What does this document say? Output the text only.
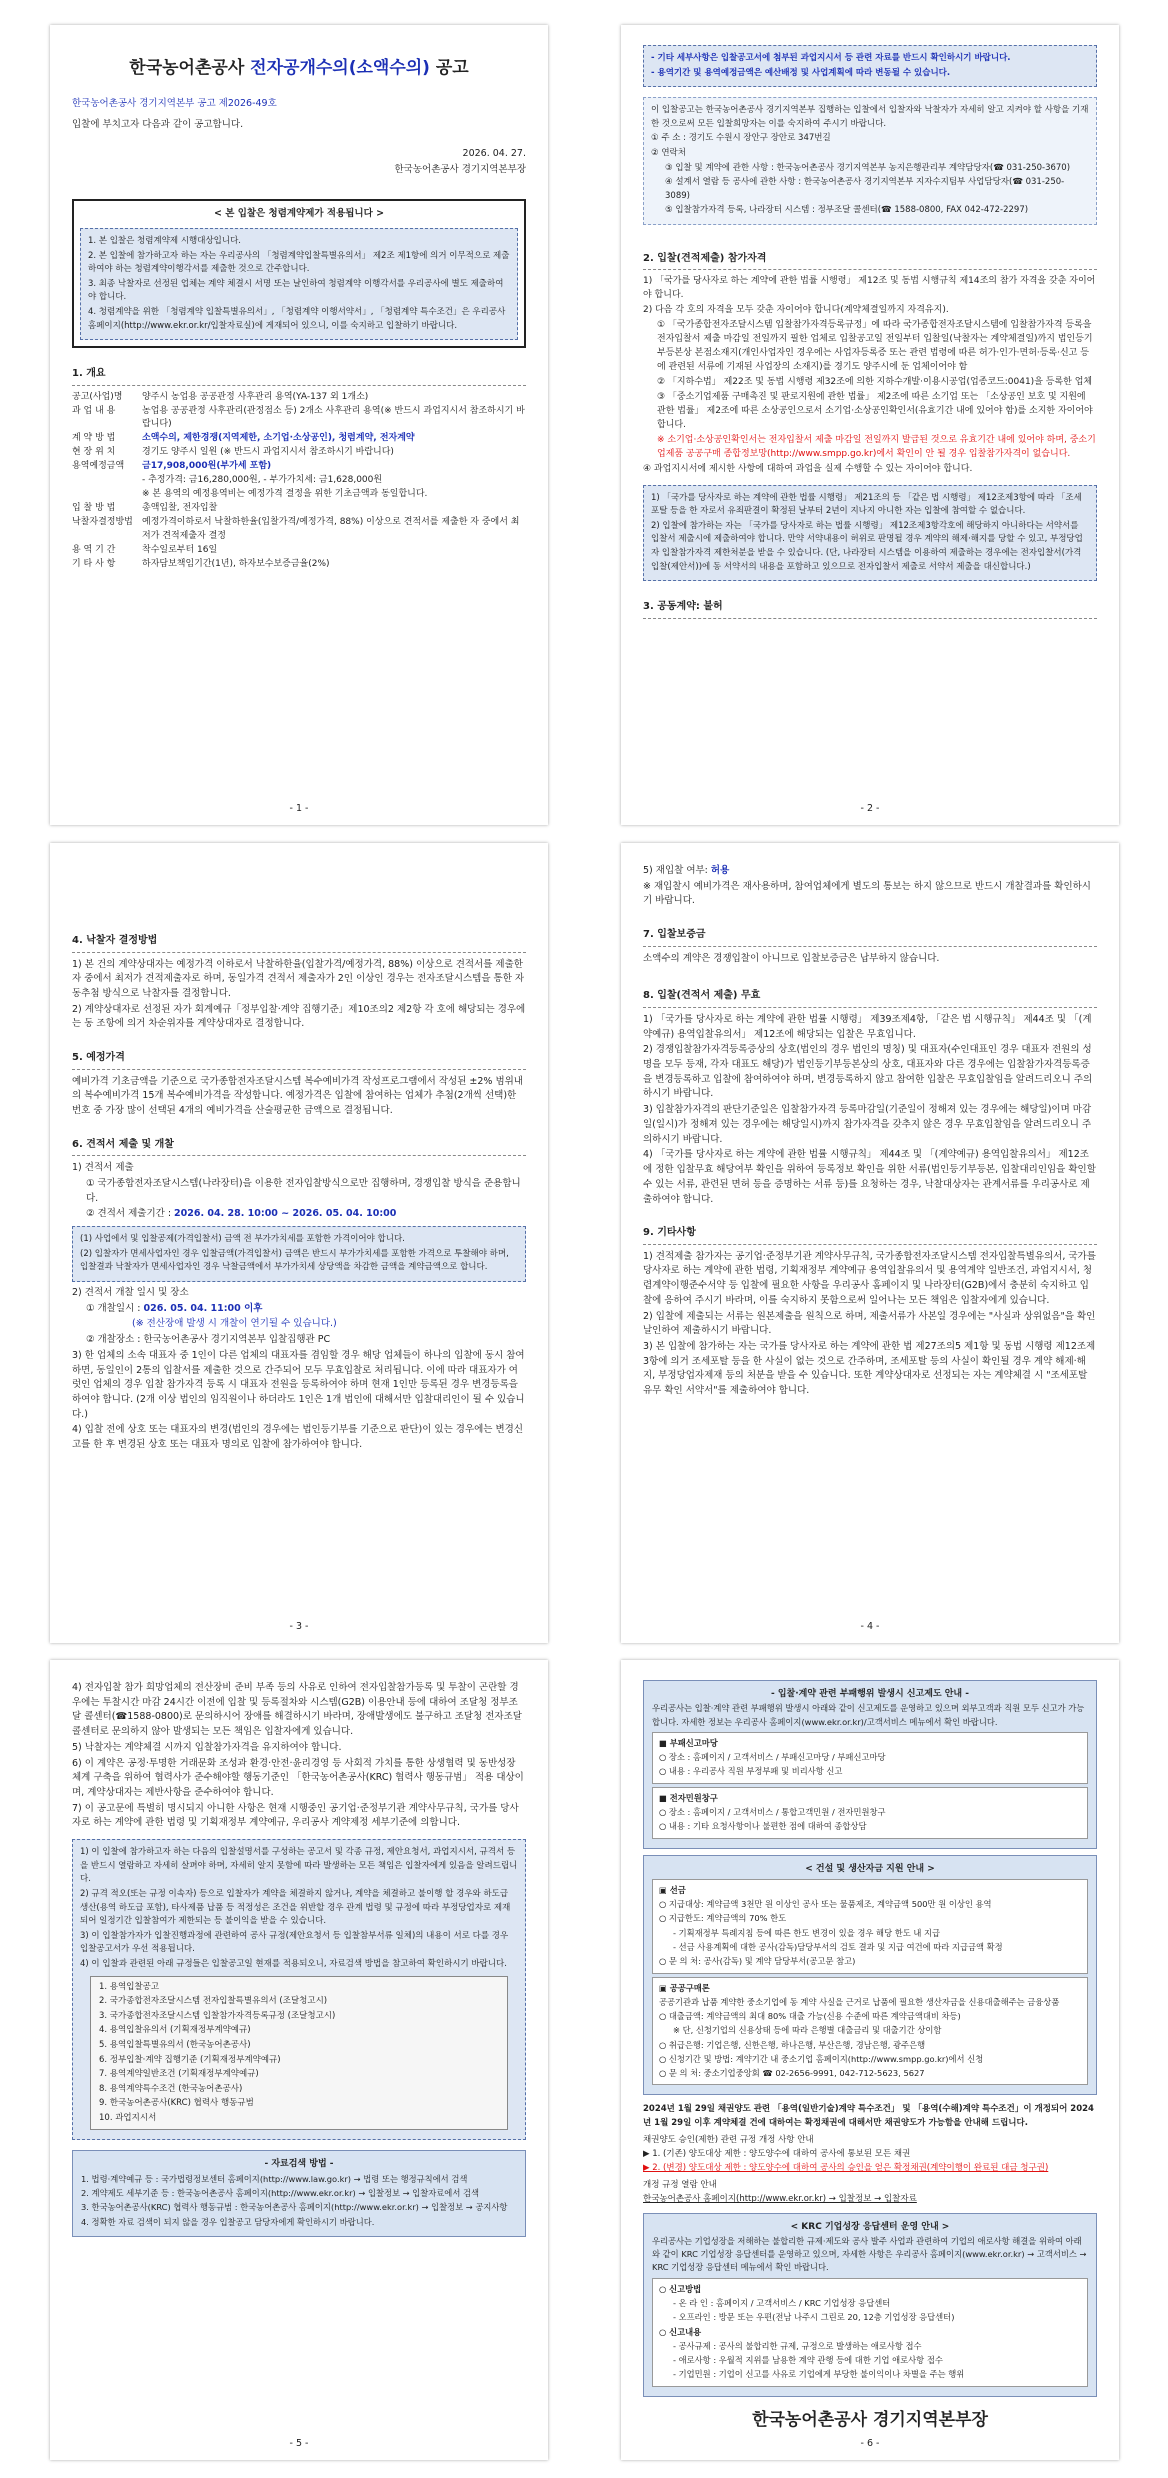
한국농어촌공사 전자공개수의(소액수의) 공고

한국농어촌공사 경기지역본부 공고 제2026-49호

입찰에 부치고자 다음과 같이 공고합니다.

2026. 04. 27.

한국농어촌공사 경기지역본부장

< 본 입찰은 청렴계약제가 적용됩니다 >

1. 본 입찰은 청렴계약제 시행대상입니다.

2. 본 입찰에 참가하고자 하는 자는 우리공사의 「청렴계약입찰특별유의서」 제2조 제1항에 의거 이무적으로 제출하여야 하는 청렴계약이행각서를 제출한 것으로 간주합니다.

3. 최종 낙찰자로 선정된 업체는 계약 체결시 서명 또는 날인하여 청렴계약 이행각서를 우리공사에 별도 제출하여야 합니다.

4. 청렴계약을 위한 「청렴계약 입찰특별유의서」, 「청렴계약 이행서약서」, 「청렴계약 특수조건」은 우리공사 홈페이지(http://www.ekr.or.kr/입찰자료실)에 게재되어 있으니, 이를 숙지하고 입찰하기 바랍니다.

1. 개요
공고(사업)명	양주시 농업용 공공관정 사후관리 용역(YA-137 외 1개소)
과 업 내 용	농업용 공공관정 사후관리(관정점소 등) 2개소 사후관리 용역(※ 반드시 과업지시서 참조하시기 바랍니다)
계 약 방 법	소액수의, 제한경쟁(지역제한, 소기업·소상공인), 청렴계약, 전자계약
현 장 위 치	경기도 양주시 일원 (※ 반드시 과업지시서 참조하시기 바랍니다)
용역예정금액	금17,908,000원(부가세 포함)
- 추정가격: 금16,280,000원, - 부가가치세: 금1,628,000원
※ 본 용역의 예정용역비는 예정가격 결정을 위한 기초금액과 동일합니다.
입 찰 방 법	총액입찰, 전자입찰
낙찰자결정방법	예정가격이하로서 낙찰하한율(입찰가격/예정가격, 88%) 이상으로 견적서를 제출한 자 중에서 최저가 견적제출자 결정
용 역 기 간	착수일로부터 16일
기 타 사 항	하자담보책임기간(1년), 하자보수보증금율(2%)
- 1 -

- 기타 세부사항은 입찰공고서에 첨부된 과업지시서 등 관련 자료를 반드시 확인하시기 바랍니다.

- 용역기간 및 용역예정금액은 예산배정 및 사업계획에 따라 변동될 수 있습니다.

이 입찰공고는 한국농어촌공사 경기지역본부 집행하는 입찰에서 입찰자와 낙찰자가 자세히 알고 지켜야 할 사항을 기재한 것으로써 모든 입찰희망자는 이를 숙지하여 주시기 바랍니다.

① 주 소 : 경기도 수원시 장안구 장안로 347번길

② 연락처

③ 입찰 및 계약에 관한 사항 : 한국농어촌공사 경기지역본부 농지은행관리부 계약담당자(☎ 031-250-3670)

④ 설계서 열람 등 공사에 관한 사항 : 한국농어촌공사 경기지역본부 지자수지팀부 사업담당자(☎ 031-250-3089)

⑤ 입찰참가자격 등록, 나라장터 시스템 : 정부조달 콜센터(☎ 1588-0800, FAX 042-472-2297)

2. 입찰(견적제출) 참가자격

1) 「국가를 당사자로 하는 계약에 관한 법률 시행령」 제12조 및 동법 시행규칙 제14조의 참가 자격을 갖춘 자이어야 합니다.

2) 다음 각 호의 자격을 모두 갖춘 자이어야 합니다(계약체결일까지 자격유지).

① 「국가종합전자조달시스템 입찰참가자격등록규정」에 따라 국가종합전자조달시스템에 입찰참가자격 등록을 전자입찰서 제출 마감일 전일까지 필한 업체로 입찰공고일 전일부터 입찰일(낙찰자는 계약체결일)까지 법인등기부등본상 본점소재지(개인사업자인 경우에는 사업자등록증 또는 관련 법령에 따른 허가·인가·면허·등록·신고 등에 관련된 서류에 기재된 사업장의 소재지)를 경기도 양주시에 둔 업체이어야 함

② 「지하수법」 제22조 및 동법 시행령 제32조에 의한 지하수개발·이용시공업(업종코드:0041)을 등록한 업체

③ 「중소기업제품 구매촉진 및 판로지원에 관한 법률」 제2조에 따른 소기업 또는 「소상공인 보호 및 지원에 관한 법률」 제2조에 따른 소상공인으로서 소기업·소상공인확인서(유효기간 내에 있어야 함)를 소지한 자이어야 합니다.

※ 소기업·소상공인확인서는 전자입찰서 제출 마감일 전일까지 발급된 것으로 유효기간 내에 있어야 하며, 중소기업제품 공공구매 종합정보망(http://www.smpp.go.kr)에서 확인이 안 될 경우 입찰참가자격이 없습니다.

④ 과업지시서에 제시한 사항에 대하여 과업을 실제 수행할 수 있는 자이어야 합니다.

1) 「국가를 당사자로 하는 계약에 관한 법률 시행령」 제21조의 등 「같은 법 시행령」 제12조제3항에 따라 「조세포탈 등을 한 자로서 유죄판결이 확정된 날부터 2년이 지나지 아니한 자는 입찰에 참여할 수 없습니다.

2) 입찰에 참가하는 자는 「국가를 당사자로 하는 법률 시행령」 제12조제3항각호에 해당하지 아니하다는 서약서를 입찰서 제출시에 제출하여야 합니다. 만약 서약내용이 허위로 판명될 경우 계약의 해제·해지를 당할 수 있고, 부정당업자 입찰참가자격 제한처분을 받을 수 있습니다. (단, 나라장터 시스템을 이용하여 제출하는 경우에는 전자입찰서(가격입찰(제안서))에 동 서약서의 내용을 포함하고 있으므로 전자입찰서 제출로 서약서 제출을 대신합니다.)

3. 공동계약: 불허
- 2 -
4. 낙찰자 결정방법

1) 본 건의 계약상대자는 예정가격 이하로서 낙찰하한율(입찰가격/예정가격, 88%) 이상으로 견적서를 제출한 자 중에서 최저가 견적제출자로 하며, 동일가격 견적서 제출자가 2인 이상인 경우는 전자조달시스템을 통한 자동추첨 방식으로 낙찰자를 결정합니다.

2) 계약상대자로 선정된 자가 회계예규「정부입찰·계약 집행기준」제10조의2 제2항 각 호에 해당되는 경우에는 동 조항에 의거 차순위자를 계약상대자로 결정합니다.

5. 예정가격

예비가격 기초금액을 기준으로 국가종합전자조달시스템 복수예비가격 작성프로그램에서 작성된 ±2% 범위내의 복수예비가격 15개 복수예비가격을 작성합니다. 예정가격은 입찰에 참여하는 업체가 추첨(2개씩 선택)한 번호 중 가장 많이 선택된 4개의 예비가격을 산술평균한 금액으로 결정됩니다.

6. 견적서 제출 및 개찰

1) 견적서 제출

① 국가종합전자조달시스템(나라장터)을 이용한 전자입찰방식으로만 집행하며, 경쟁입찰 방식을 준용합니다.

② 견적서 제출기간 : 2026. 04. 28. 10:00 ~ 2026. 05. 04. 10:00

(1) 사업에서 및 입찰공제(가격입찰서) 금액 전 부가가치세를 포함한 가격이어야 합니다.

(2) 입찰자가 면세사업자인 경우 입찰금액(가격입찰서) 금액은 반드시 부가가치세를 포함한 가격으로 투찰해야 하며, 입찰결과 낙찰자가 면세사업자인 경우 낙찰금액에서 부가가치세 상당액을 차감한 금액을 계약금액으로 합니다.

2) 견적서 개찰 일시 및 장소

① 개찰일시 : 026. 05. 04. 11:00 이후

(※ 전산장애 발생 시 개찰이 연기될 수 있습니다.)

② 개찰장소 : 한국농어촌공사 경기지역본부 입찰집행관 PC

3) 한 업체의 소속 대표자 중 1인이 다른 업체의 대표자를 겸임할 경우 해당 업체들이 하나의 입찰에 동시 참여하면, 동일인이 2통의 입찰서를 제출한 것으로 간주되어 모두 무효입찰로 처리됩니다. 이에 따라 대표자가 여럿인 업체의 경우 입찰 참가자격 등록 시 대표자 전원을 등록하여야 하며 현재 1인만 등록된 경우 변경등록을 하여야 합니다. (2개 이상 법인의 임직원이나 하더라도 1인은 1개 법인에 대해서만 입찰대리인이 될 수 있습니다.)

4) 입찰 전에 상호 또는 대표자의 변경(법인의 경우에는 법인등기부를 기준으로 판단)이 있는 경우에는 변경신고를 한 후 변경된 상호 또는 대표자 명의로 입찰에 참가하여야 합니다.

- 3 -

5) 재입찰 여부: 허용

※ 재입찰시 예비가격은 재사용하며, 참여업체에게 별도의 통보는 하지 않으므로 반드시 개찰결과를 확인하시기 바랍니다.

7. 입찰보증금

소액수의 계약은 경쟁입찰이 아니므로 입찰보증금은 납부하지 않습니다.

8. 입찰(견적서 제출) 무효

1) 「국가를 당사자로 하는 계약에 관한 법률 시행령」 제39조제4항, 「같은 법 시행규칙」 제44조 및 「(계약예규) 용역입찰유의서」 제12조에 해당되는 입찰은 무효입니다.

2) 경쟁입찰참가자격등록증상의 상호(법인의 경우 법인의 명칭) 및 대표자(수인대표인 경우 대표자 전원의 성명을 모두 등재, 각자 대표도 해당)가 법인등기부등본상의 상호, 대표자와 다른 경우에는 입찰참가자격등록증을 변경등록하고 입찰에 참여하여야 하며, 변경등록하지 않고 참여한 입찰은 무효입찰임을 알려드리오니 주의하시기 바랍니다.

3) 입찰참가자격의 판단기준일은 입찰참가자격 등록마감일(기준일이 정해져 있는 경우에는 해당일)이며 마감일(일시)가 정해져 있는 경우에는 해당일시)까지 참가자격을 갖추지 않은 경우 무효입찰임을 알려드리오니 주의하시기 바랍니다.

4) 「국가를 당사자로 하는 계약에 관한 법률 시행규칙」 제44조 및 「(계약예규) 용역입찰유의서」 제12조에 정한 입찰무효 해당여부 확인을 위하여 등록정보 확인을 위한 서류(법인등기부등본, 입찰대리인임을 확인할 수 있는 서류, 관련된 면허 등을 증명하는 서류 등)를 요청하는 경우, 낙찰대상자는 관계서류를 우리공사로 제출하여야 합니다.

9. 기타사항

1) 견적제출 참가자는 공기업·준정부기관 계약사무규칙, 국가종합전자조달시스템 전자입찰특별유의서, 국가를 당사자로 하는 계약에 관한 법령, 기획재정부 계약예규 용역입찰유의서 및 용역계약 일반조건, 과업지시서, 청렴계약이행준수서약 등 입찰에 필요한 사항을 우리공사 홈페이지 및 나라장터(G2B)에서 충분히 숙지하고 입찰에 응하여 주시기 바라며, 이를 숙지하지 못함으로써 일어나는 모든 책임은 입찰자에게 있습니다.

2) 입찰에 제출되는 서류는 원본제출을 원칙으로 하며, 제출서류가 사본일 경우에는 "사실과 상위없음"을 확인날인하여 제출하시기 바랍니다.

3) 본 입찰에 참가하는 자는 국가를 당사자로 하는 계약에 관한 법 제27조의5 제1항 및 동법 시행령 제12조제3항에 의거 조세포탈 등을 한 사실이 없는 것으로 간주하며, 조세포탈 등의 사실이 확인될 경우 계약 해제·해지, 부정당업자제재 등의 처분을 받을 수 있습니다. 또한 계약상대자로 선정되는 자는 계약체결 시 "조세포탈 유무 확인 서약서"를 제출하여야 합니다.

- 4 -

4) 전자입찰 참가 희망업체의 전산장비 준비 부족 등의 사유로 인하여 전자입찰참가등록 및 투찰이 곤란할 경우에는 투찰시간 마감 24시간 이전에 입찰 및 등록절차와 시스템(G2B) 이용안내 등에 대하여 조달청 정부조달 콜센터(☎1588-0800)로 문의하시어 장애를 해결하시기 바라며, 장애발생에도 불구하고 조달청 전자조달 콜센터로 문의하지 않아 발생되는 모든 책임은 입찰자에게 있습니다.

5) 낙찰자는 계약체결 시까지 입찰참가자격을 유지하여야 합니다.

6) 이 계약은 공정·투명한 거래문화 조성과 환경·안전·윤리경영 등 사회적 가치를 통한 상생협력 및 동반성장 체계 구축을 위하여 협력사가 준수해야할 행동기준인 「한국농어촌공사(KRC) 협력사 행동규범」 적용 대상이며, 계약상대자는 제반사항을 준수하여야 합니다.

7) 이 공고문에 특별히 명시되지 아니한 사항은 현재 시행중인 공기업·준정부기관 계약사무규칙, 국가를 당사자로 하는 계약에 관한 법령 및 기획재정부 계약예규, 우리공사 계약제정 세부기준에 의합니다.

1) 이 입찰에 참가하고자 하는 다음의 입찰설명서를 구성하는 공고서 및 각종 규정, 제안요청서, 과업지시서, 규격서 등을 반드시 열람하고 자세히 살펴야 하며, 자세히 알지 못함에 따라 발생하는 모든 책임은 입찰자에게 있음을 알려드립니다.

2) 규격 적오(또는 규정 이속자) 등으로 입찰자가 계약을 체결하지 않거나, 계약을 체결하고 불이행 할 경우와 하도급 생산(용역 하도급 포함), 타사제품 납품 등 적정성은 조건을 위반할 경우 관계 법령 및 규정에 따라 부정당업자로 제재되어 일정기간 입찰참여가 제한되는 등 불이익을 받을 수 있습니다.

3) 이 입찰참가자가 입찰진행과정에 관련하여 공사 규정(제안요청서 등 입찰참부서류 일체)의 내용이 서로 다를 경우 입찰공고서가 우선 적용됩니다.

4) 이 입찰과 관련된 아래 규정들은 입찰공고일 현재를 적용되오니, 자료검색 방법을 참고하여 확인하시기 바랍니다.

1. 용역입찰공고

2. 국가종합전자조달시스템 전자입찰특별유의서 (조달청고시)

3. 국가종합전자조달시스템 입찰참가자격등록규정 (조달청고시)

4. 용역입찰유의서 (기획재정부계약예규)

5. 용역입찰특별유의서 (한국농어촌공사)

6. 정부입찰·계약 집행기준 (기획재정부계약예규)

7. 용역계약일반조건 (기획재정부계약예규)

8. 용역계약특수조건 (한국농어촌공사)

9. 한국농어촌공사(KRC) 협력사 행동규범

10. 과업지시서

- 자료검색 방법 -

1. 법령·계약예규 등 : 국가법령정보센터 홈페이지(http://www.law.go.kr) → 법령 또는 행정규칙에서 검색

2. 계약제도 세부기준 등 : 한국농어촌공사 홈페이지(http://www.ekr.or.kr) → 입찰정보 → 입찰자료에서 검색

3. 한국농어촌공사(KRC) 협력사 행동규범 : 한국농어촌공사 홈페이지(http://www.ekr.or.kr) → 입찰정보 → 공지사항

4. 정확한 자료 검색이 되지 않을 경우 입찰공고 담당자에게 확인하시기 바랍니다.

- 5 -
- 입찰·계약 관련 부패행위 발생시 신고제도 안내 -

우리공사는 입찰·계약 관련 부패행위 발생시 아래와 같이 신고제도를 운영하고 있으며 외부고객과 직원 모두 신고가 가능합니다. 자세한 정보는 우리공사 홈페이지(www.ekr.or.kr)/고객서비스 메뉴에서 확인 바랍니다.

■ 부패신고마당

○ 장소 : 홈페이지 / 고객서비스 / 부패신고마당 / 부패신고마당

○ 내용 : 우리공사 직원 부정부패 및 비리사항 신고

■ 전자민원창구

○ 장소 : 홈페이지 / 고객서비스 / 통합고객민원 / 전자민원창구

○ 내용 : 기타 요청사항이나 불편한 점에 대하여 종합상담

< 건설 및 생산자금 지원 안내 >

▣ 선금

○ 지급대상: 계약금액 3천만 원 이상인 공사 또는 물품제조, 계약금액 500만 원 이상인 용역

○ 지급한도: 계약금액의 70% 한도

- 기획재정부 특례지침 등에 따른 한도 변경이 있을 경우 해당 한도 내 지급

- 선금 사용계획에 대한 공사(감독)담당부서의 검토 결과 및 지급 여건에 따라 지급금액 확정

○ 문 의 처: 공사(감독) 및 계약 담당부서(공고문 참고)

▣ 공공구매론

공공기관과 납품 계약한 중소기업에 동 계약 사실을 근거로 납품에 필요한 생산자금을 신용대출해주는 금융상품

○ 대출금액: 계약금액의 최대 80% 대출 가능(신용 수준에 따른 계약금액대비 차등)

※ 단, 신청기업의 신용상태 등에 따라 은행별 대출금리 및 대출기간 상이함

○ 취급은행: 기업은행, 신한은행, 하나은행, 부산은행, 경남은행, 광주은행

○ 신청기간 및 방법: 계약기간 내 중소기업 홈페이지(http://www.smpp.go.kr)에서 신청

○ 문 의 처: 중소기업중앙회 ☎ 02-2656-9991, 042-712-5623, 5627

2024년 1월 29일 채권양도 관련 「용역(일반기술)계약 특수조건」 및 「용역(수해)계약 특수조건」이 개정되어 2024년 1월 29일 이후 계약체결 건에 대하여는 확정채권에 대해서만 채권양도가 가능함을 안내해 드립니다.

채권양도 승인(제한) 관련 규정 개정 사항 안내

▶ 1. (기존) 양도대상 제한 : 양도양수에 대하여 공사에 통보된 모든 채권

▶ 2. (변경) 양도대상 제한 : 양도양수에 대하여 공사의 승인을 얻은 확정채권(계약이행이 완료된 대금 청구권)

개정 규정 열람 안내

한국농어촌공사 홈페이지(http://www.ekr.or.kr) → 입찰정보 → 입찰자료

< KRC 기업성장 응답센터 운영 안내 >

우리공사는 기업성장을 저해하는 불합리한 규제·제도와 공사 발주 사업과 관련하여 기업의 애로사항 해결을 위하여 아래와 같이 KRC 기업성장 응답센터를 운영하고 있으며, 자세한 사항은 우리공사 홈페이지(www.ekr.or.kr) → 고객서비스 → KRC 기업성장 응답센터 메뉴에서 확인 바랍니다.

○ 신고방법

- 온 라 인 : 홈페이지 / 고객서비스 / KRC 기업성장 응답센터

- 오프라인 : 방문 또는 우편(전남 나주시 그린로 20, 12층 기업성장 응답센터)

○ 신고내용

- 공사규제 : 공사의 불합리한 규제, 규정으로 발생하는 애로사항 접수

- 애로사항 : 우월적 지위를 남용한 계약 관행 등에 대한 기업 애로사항 접수

- 기업민원 : 기업이 신고를 사유로 기업에게 부당한 불이익이나 차별을 주는 행위

한국농어촌공사 경기지역본부장
- 6 -
